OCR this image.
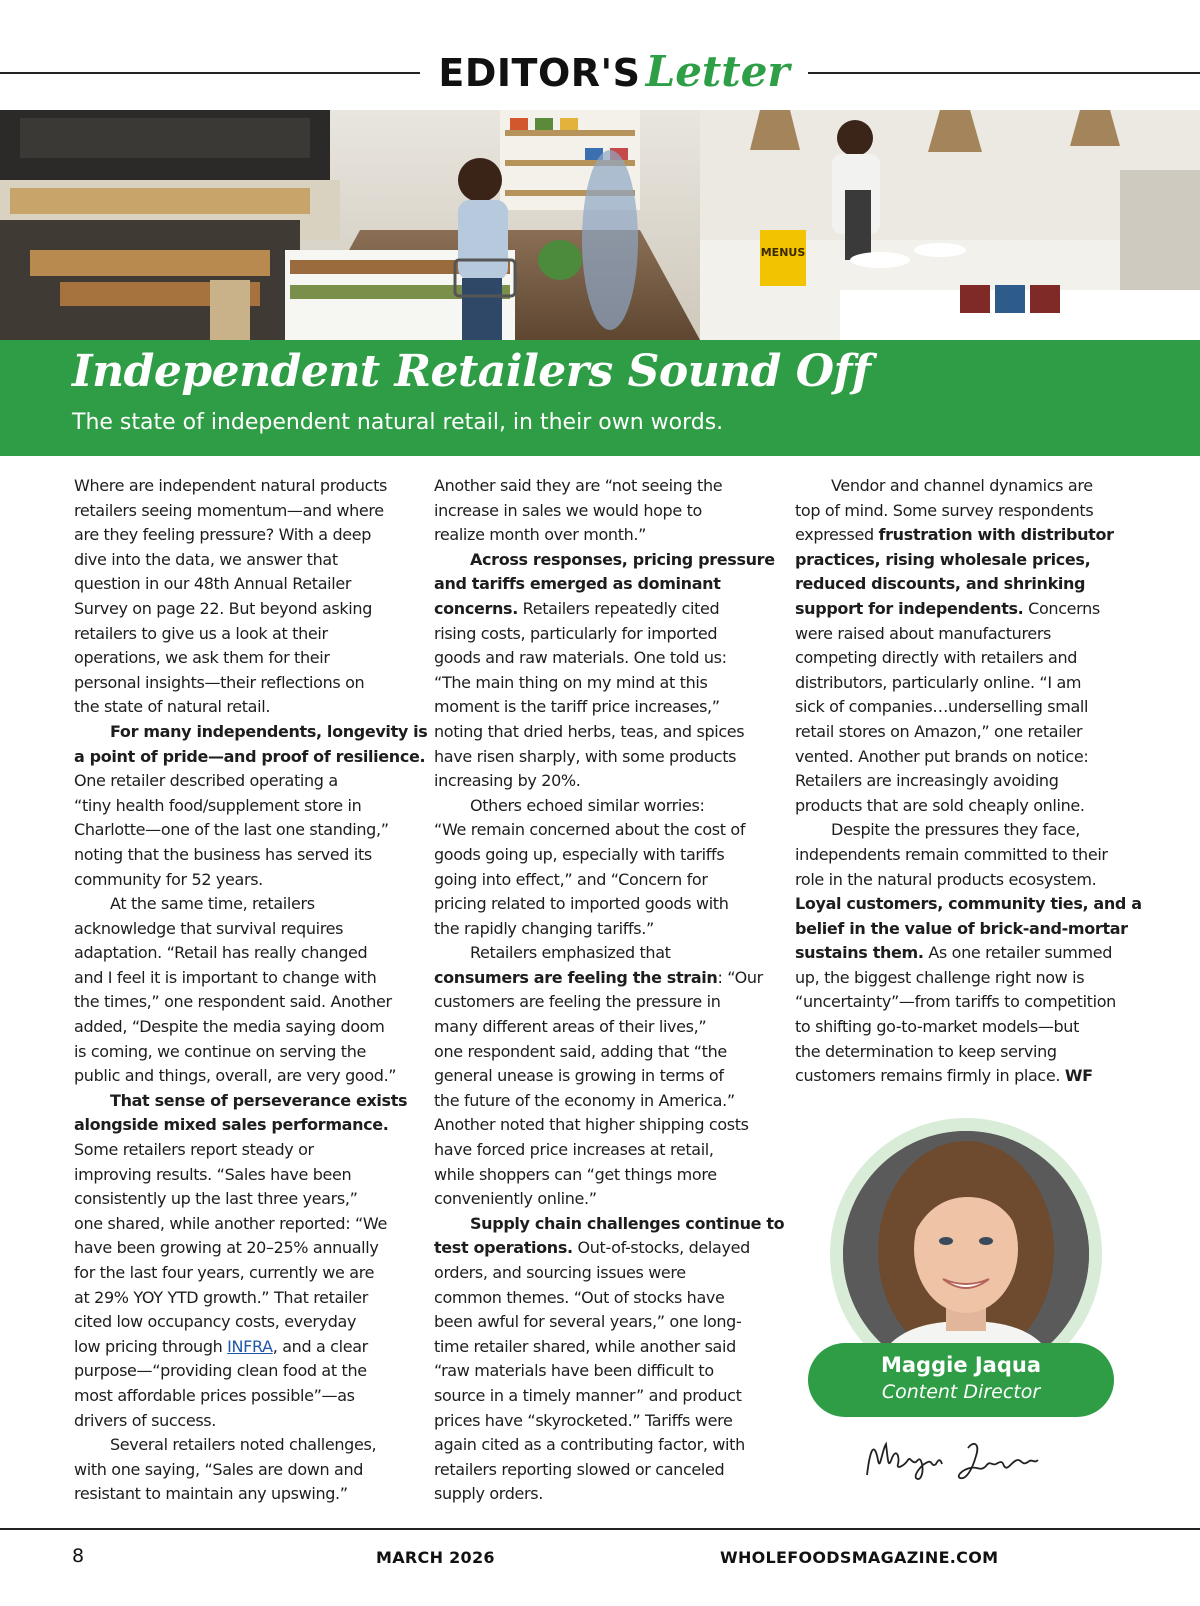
EDITOR'S Letter
MENUS
Independent Retailers Sound Off
The state of independent natural retail, in their own words.
Where are independent natural products
retailers seeing momentum—and where
are they feeling pressure? With a deep
dive into the data, we answer that
question in our 48th Annual Retailer
Survey on page 22. But beyond asking
retailers to give us a look at their
operations, we ask them for their
personal insights—their reflections on
the state of natural retail.
For many independents, longevity is
a point of pride—and proof of resilience.
One retailer described operating a
“tiny health food/supplement store in
Charlotte—one of the last one standing,”
noting that the business has served its
community for 52 years.
At the same time, retailers
acknowledge that survival requires
adaptation. “Retail has really changed
and I feel it is important to change with
the times,” one respondent said. Another
added, “Despite the media saying doom
is coming, we continue on serving the
public and things, overall, are very good.”
That sense of perseverance exists
alongside mixed sales performance.
Some retailers report steady or
improving results. “Sales have been
consistently up the last three years,”
one shared, while another reported: “We
have been growing at 20–25% annually
for the last four years, currently we are
at 29% YOY YTD growth.” That retailer
cited low occupancy costs, everyday
low pricing through INFRA, and a clear
purpose—“providing clean food at the
most affordable prices possible”—as
drivers of success.
Several retailers noted challenges,
with one saying, “Sales are down and
resistant to maintain any upswing.”
Another said they are “not seeing the
increase in sales we would hope to
realize month over month.”
Across responses, pricing pressure
and tariffs emerged as dominant
concerns. Retailers repeatedly cited
rising costs, particularly for imported
goods and raw materials. One told us:
“The main thing on my mind at this
moment is the tariff price increases,”
noting that dried herbs, teas, and spices
have risen sharply, with some products
increasing by 20%.
Others echoed similar worries:
“We remain concerned about the cost of
goods going up, especially with tariffs
going into effect,” and “Concern for
pricing related to imported goods with
the rapidly changing tariffs.”
Retailers emphasized that
consumers are feeling the strain: “Our
customers are feeling the pressure in
many different areas of their lives,”
one respondent said, adding that “the
general unease is growing in terms of
the future of the economy in America.”
Another noted that higher shipping costs
have forced price increases at retail,
while shoppers can “get things more
conveniently online.”
Supply chain challenges continue to
test operations. Out-of-stocks, delayed
orders, and sourcing issues were
common themes. “Out of stocks have
been awful for several years,” one long-
time retailer shared, while another said
“raw materials have been difficult to
source in a timely manner” and product
prices have “skyrocketed.” Tariffs were
again cited as a contributing factor, with
retailers reporting slowed or canceled
supply orders.
Vendor and channel dynamics are
top of mind. Some survey respondents
expressed frustration with distributor
practices, rising wholesale prices,
reduced discounts, and shrinking
support for independents. Concerns
were raised about manufacturers
competing directly with retailers and
distributors, particularly online. “I am
sick of companies…underselling small
retail stores on Amazon,” one retailer
vented. Another put brands on notice:
Retailers are increasingly avoiding
products that are sold cheaply online.
Despite the pressures they face,
independents remain committed to their
role in the natural products ecosystem.
Loyal customers, community ties, and a
belief in the value of brick-and-mortar
sustains them. As one retailer summed
up, the biggest challenge right now is
“uncertainty”—from tariffs to competition
to shifting go-to-market models—but
the determination to keep serving
customers remains firmly in place. WF
Maggie Jaqua
Content Director
8	MARCH 2026	WHOLEFOODSMAGAZINE.COM
